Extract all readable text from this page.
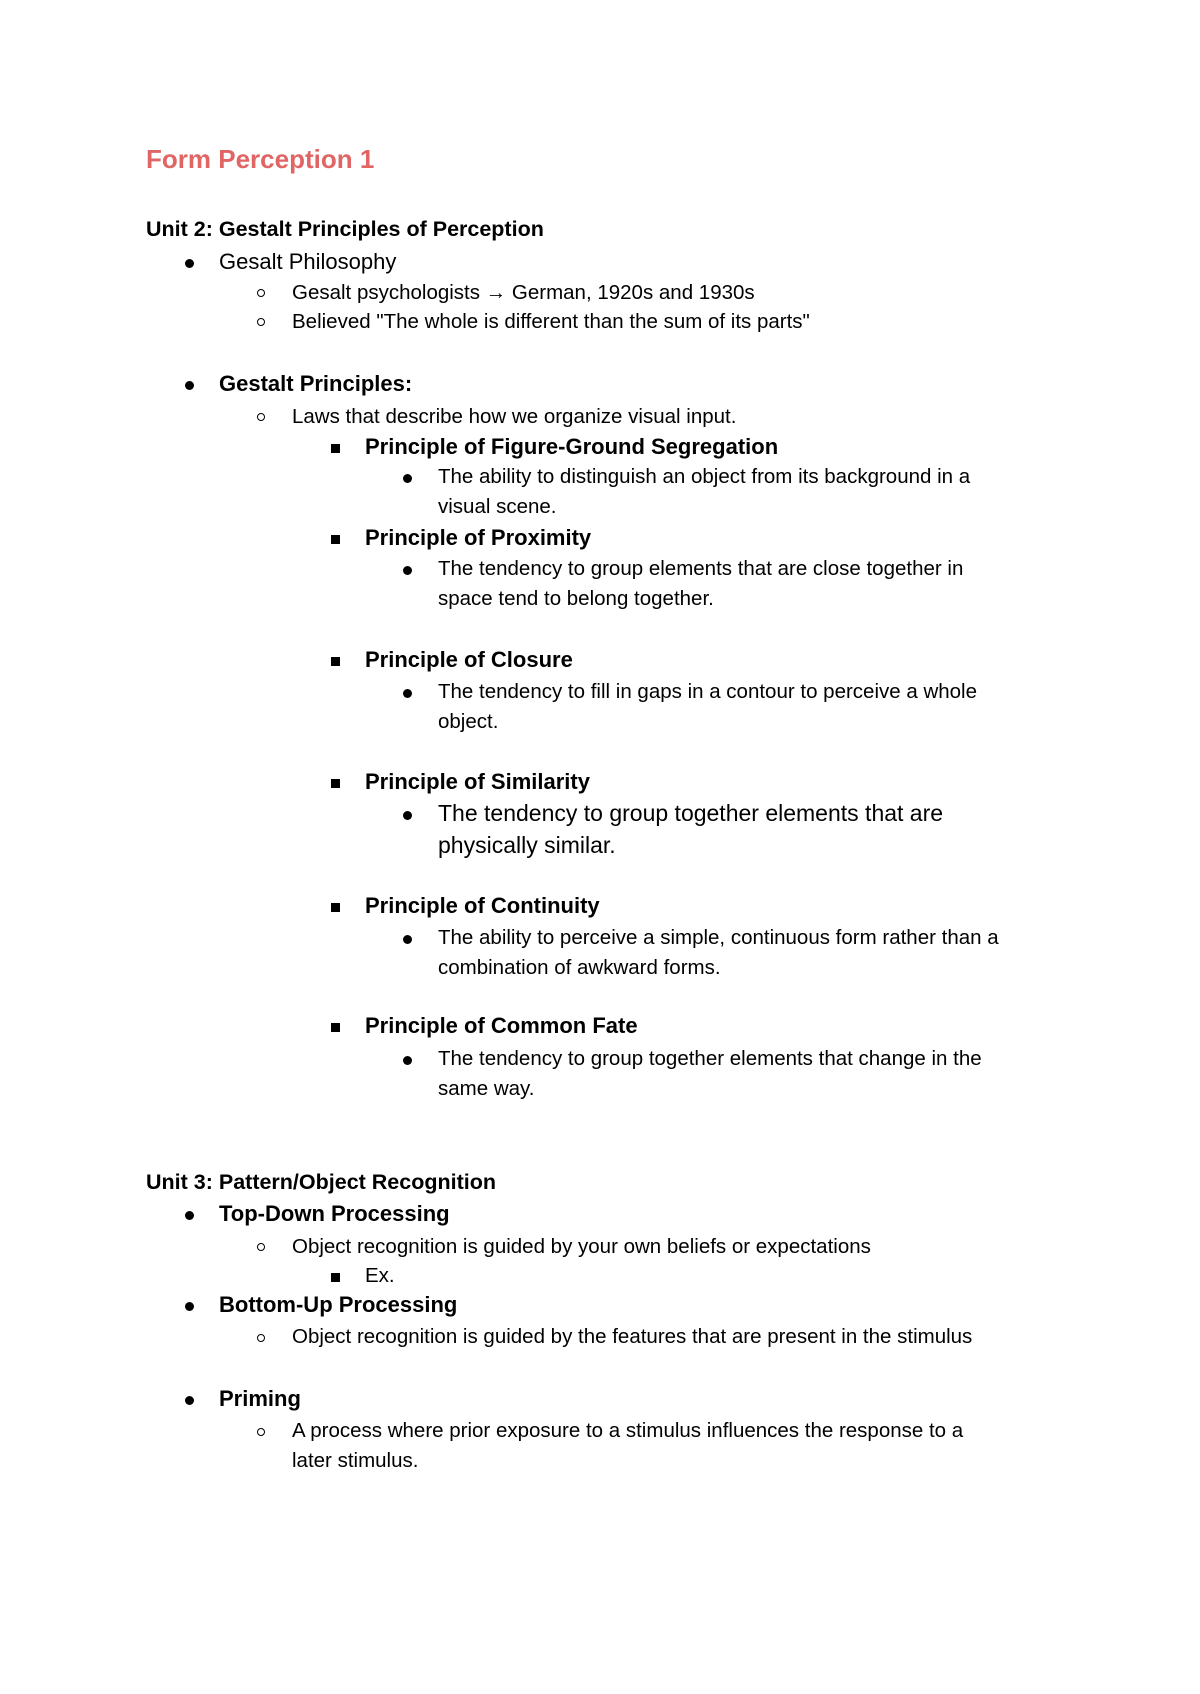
Form Perception 1
Unit 2: Gestalt Principles of Perception
Gesalt Philosophy
Gesalt psychologists → German, 1920s and 1930s
Believed "The whole is different than the sum of its parts"
Gestalt Principles:
Laws that describe how we organize visual input.
Principle of Figure-Ground Segregation
The ability to distinguish an object from its background in a
visual scene.
Principle of Proximity
The tendency to group elements that are close together in
space tend to belong together.
Principle of Closure
The tendency to fill in gaps in a contour to perceive a whole
object.
Principle of Similarity
The tendency to group together elements that are
physically similar.
Principle of Continuity
The ability to perceive a simple, continuous form rather than a
combination of awkward forms.
Principle of Common Fate
The tendency to group together elements that change in the
same way.
Unit 3: Pattern/Object Recognition
Top-Down Processing
Object recognition is guided by your own beliefs or expectations
Ex.
Bottom-Up Processing
Object recognition is guided by the features that are present in the stimulus
Priming
A process where prior exposure to a stimulus influences the response to a
later stimulus.
